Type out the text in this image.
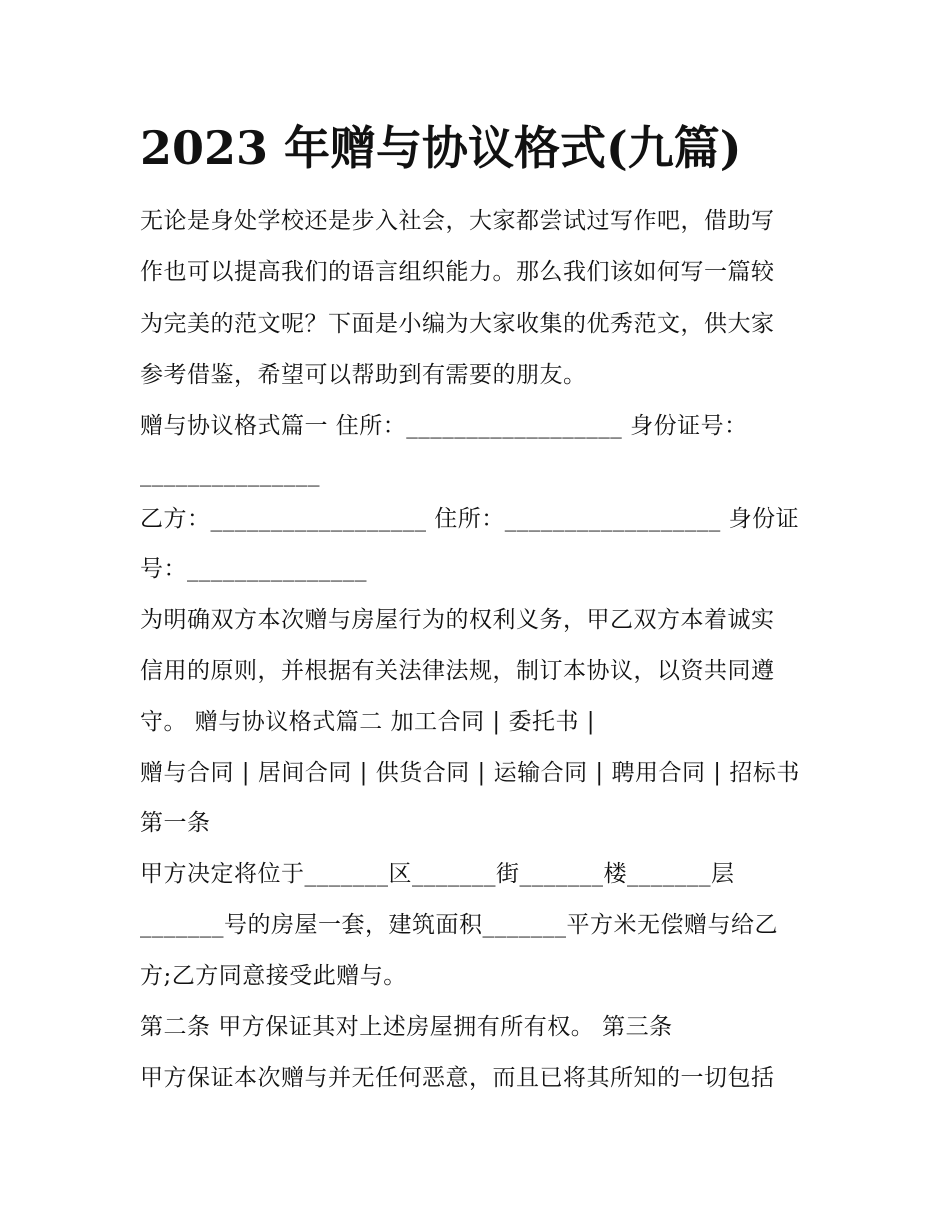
2023 年赠与协议格式(九篇)

无论是身处学校还是步入社会，大家都尝试过写作吧，借助写

作也可以提高我们的语言组织能力。那么我们该如何写一篇较

为完美的范文呢？下面是小编为大家收集的优秀范文，供大家

参考借鉴，希望可以帮助到有需要的朋友。

赠与协议格式篇一 住所：__________________ 身份证号：

_______________

乙方：__________________ 住所：__________________ 身份证

号：_______________

为明确双方本次赠与房屋行为的权利义务，甲乙双方本着诚实

信用的原则，并根据有关法律法规，制订本协议，以资共同遵

守。 赠与协议格式篇二 加工合同 | 委托书 |

赠与合同 | 居间合同 | 供货合同 | 运输合同 | 聘用合同 | 招标书

第一条

甲方决定将位于_______区_______街_______楼_______层

_______号的房屋一套，建筑面积_______平方米无偿赠与给乙

方;乙方同意接受此赠与。

第二条 甲方保证其对上述房屋拥有所有权。 第三条

甲方保证本次赠与并无任何恶意，而且已将其所知的一切包括
